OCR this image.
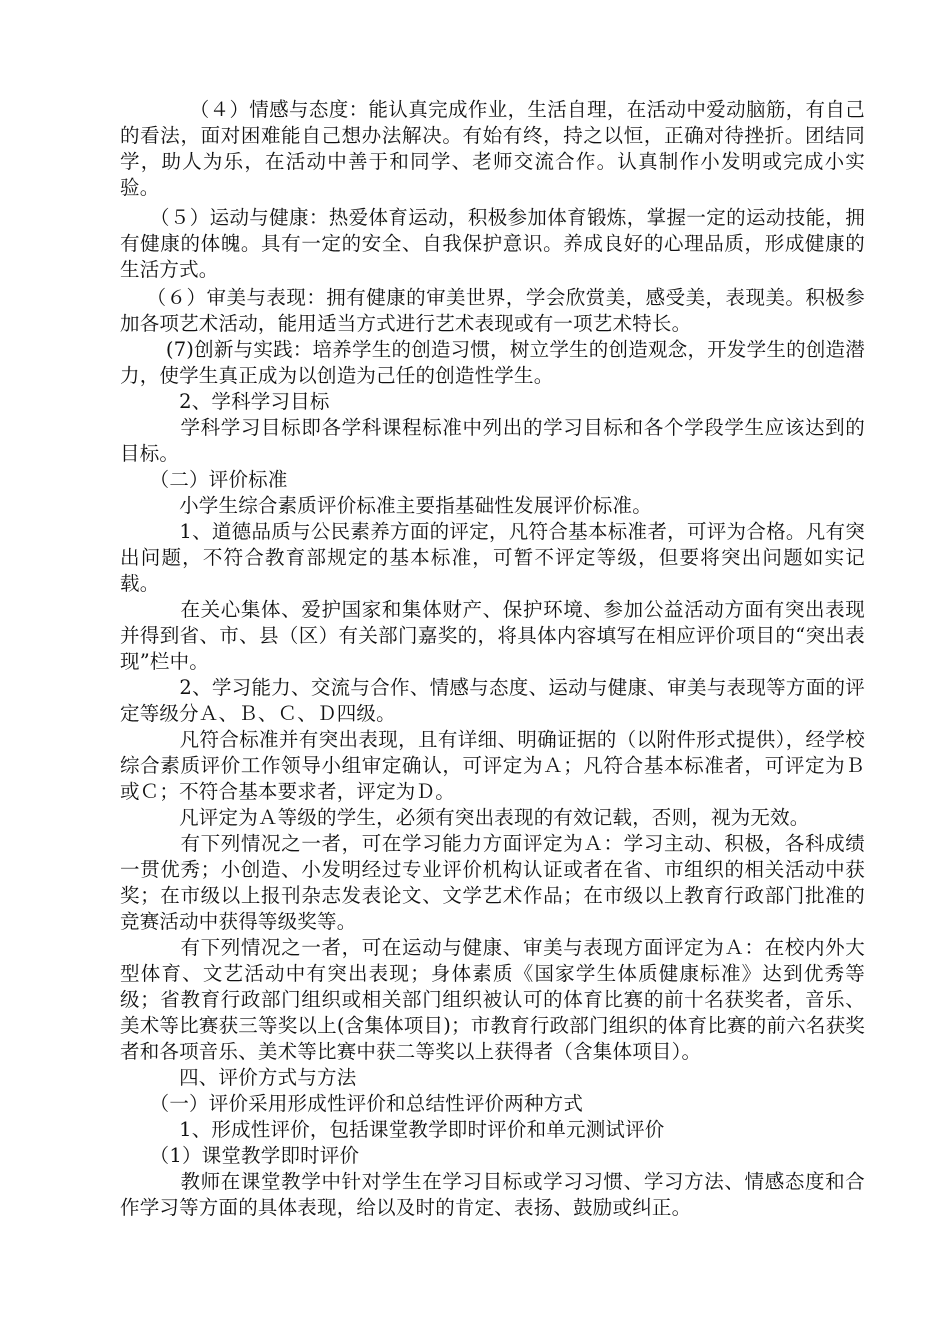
　　　　（４）情感与态度：能认真完成作业，生活自理，在活动中爱动脑筋，有自己的看法，面对困难能自己想办法解决。有始有终，持之以恒，正确对待挫折。团结同学，助人为乐，在活动中善于和同学、老师交流合作。认真制作小发明或完成小实验。

　　（５）运动与健康：热爱体育运动，积极参加体育锻炼，掌握一定的运动技能，拥有健康的体魄。具有一定的安全、自我保护意识。养成良好的心理品质，形成健康的生活方式。

　 （６）审美与表现：拥有健康的审美世界，学会欣赏美，感受美，表现美。积极参加各项艺术活动，能用适当方式进行艺术表现或有一项艺术特长。

　　 (7)创新与实践：培养学生的创造习惯，树立学生的创造观念，开发学生的创造潜力，使学生真正成为以创造为己任的创造性学生。

　　　2、学科学习目标

　　　学科学习目标即各学科课程标准中列出的学习目标和各个学段学生应该达到的目标。

　　（二）评价标准

　　　小学生综合素质评价标准主要指基础性发展评价标准。

　　　1、道德品质与公民素养方面的评定，凡符合基本标准者，可评为合格。凡有突出问题，不符合教育部规定的基本标准，可暂不评定等级，但要将突出问题如实记载。

　　　在关心集体、爱护国家和集体财产、保护环境、参加公益活动方面有突出表现并得到省、市、县（区）有关部门嘉奖的，将具体内容填写在相应评价项目的“突出表现”栏中。

　　　2、学习能力、交流与合作、情感与态度、运动与健康、审美与表现等方面的评定等级分Ａ、Ｂ、Ｃ、Ｄ四级。

　　　凡符合标准并有突出表现，且有详细、明确证据的（以附件形式提供），经学校综合素质评价工作领导小组审定确认，可评定为Ａ；凡符合基本标准者，可评定为Ｂ或Ｃ；不符合基本要求者，评定为Ｄ。

　　　凡评定为Ａ等级的学生，必须有突出表现的有效记载，否则，视为无效。

　　　有下列情况之一者，可在学习能力方面评定为Ａ：学习主动、积极，各科成绩一贯优秀；小创造、小发明经过专业评价机构认证或者在省、市组织的相关活动中获奖；在市级以上报刊杂志发表论文、文学艺术作品；在市级以上教育行政部门批准的竞赛活动中获得等级奖等。

　　　有下列情况之一者，可在运动与健康、审美与表现方面评定为Ａ：在校内外大型体育、文艺活动中有突出表现；身体素质《国家学生体质健康标准》达到优秀等级；省教育行政部门组织或相关部门组织被认可的体育比赛的前十名获奖者，音乐、美术等比赛获三等奖以上(含集体项目)；市教育行政部门组织的体育比赛的前六名获奖者和各项音乐、美术等比赛中获二等奖以上获得者（含集体项目）。

　　　四、评价方式与方法

　　（一）评价采用形成性评价和总结性评价两种方式

　　　1、形成性评价，包括课堂教学即时评价和单元测试评价

　　（1）课堂教学即时评价

　　　教师在课堂教学中针对学生在学习目标或学习习惯、学习方法、情感态度和合作学习等方面的具体表现，给以及时的肯定、表扬、鼓励或纠正。
